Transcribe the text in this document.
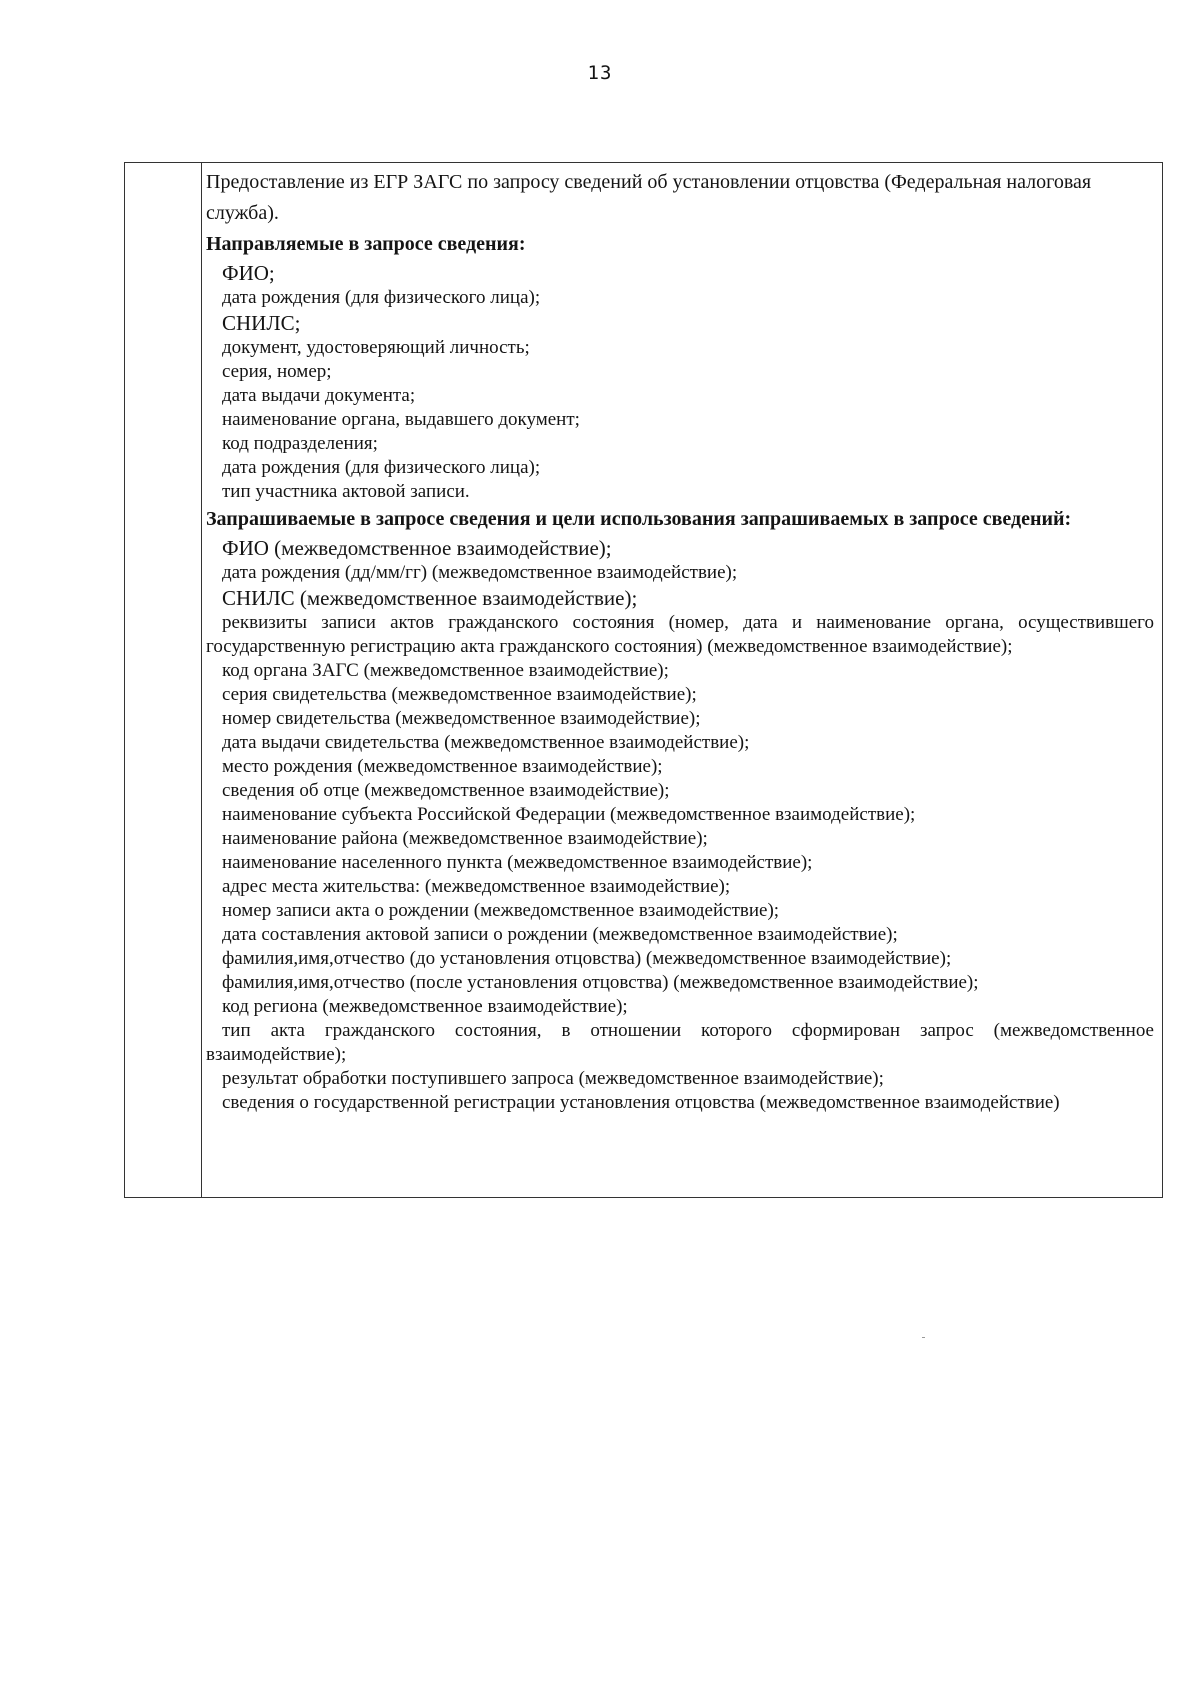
13

Предоставление из ЕГР ЗАГС по запросу сведений об установлении отцовства (Федеральная налоговая служба).

Направляемые в запросе сведения:

ФИО;

дата рождения (для физического лица);

СНИЛС;

документ, удостоверяющий личность;

серия, номер;

дата выдачи документа;

наименование органа, выдавшего документ;

код подразделения;

дата рождения (для физического лица);

тип участника актовой записи.

Запрашиваемые в запросе сведения и цели использования запрашиваемых в запросе сведений:

ФИО (межведомственное взаимодействие);

дата рождения (дд/мм/гг) (межведомственное взаимодействие);

СНИЛС (межведомственное взаимодействие);

реквизиты записи актов гражданского состояния (номер, дата и наименование органа, осуществившего государственную регистрацию акта гражданского состояния) (межведомственное взаимодействие);

код органа ЗАГС (межведомственное взаимодействие);

серия свидетельства (межведомственное взаимодействие);

номер свидетельства (межведомственное взаимодействие);

дата выдачи свидетельства (межведомственное взаимодействие);

место рождения (межведомственное взаимодействие);

сведения об отце (межведомственное взаимодействие);

наименование субъекта Российской Федерации (межведомственное взаимодействие);

наименование района (межведомственное взаимодействие);

наименование населенного пункта (межведомственное взаимодействие);

адрес места жительства: (межведомственное взаимодействие);

номер записи акта о рождении (межведомственное взаимодействие);

дата составления актовой записи о рождении (межведомственное взаимодействие);

фамилия,имя,отчество (до установления отцовства) (межведомственное взаимодействие);

фамилия,имя,отчество (после установления отцовства) (межведомственное взаимодействие);

код региона (межведомственное взаимодействие);

тип акта гражданского состояния, в отношении которого сформирован запрос (межведомственное взаимодействие);

результат обработки поступившего запроса (межведомственное взаимодействие);

сведения о государственной регистрации установления отцовства (межведомственное взаимодействие)
